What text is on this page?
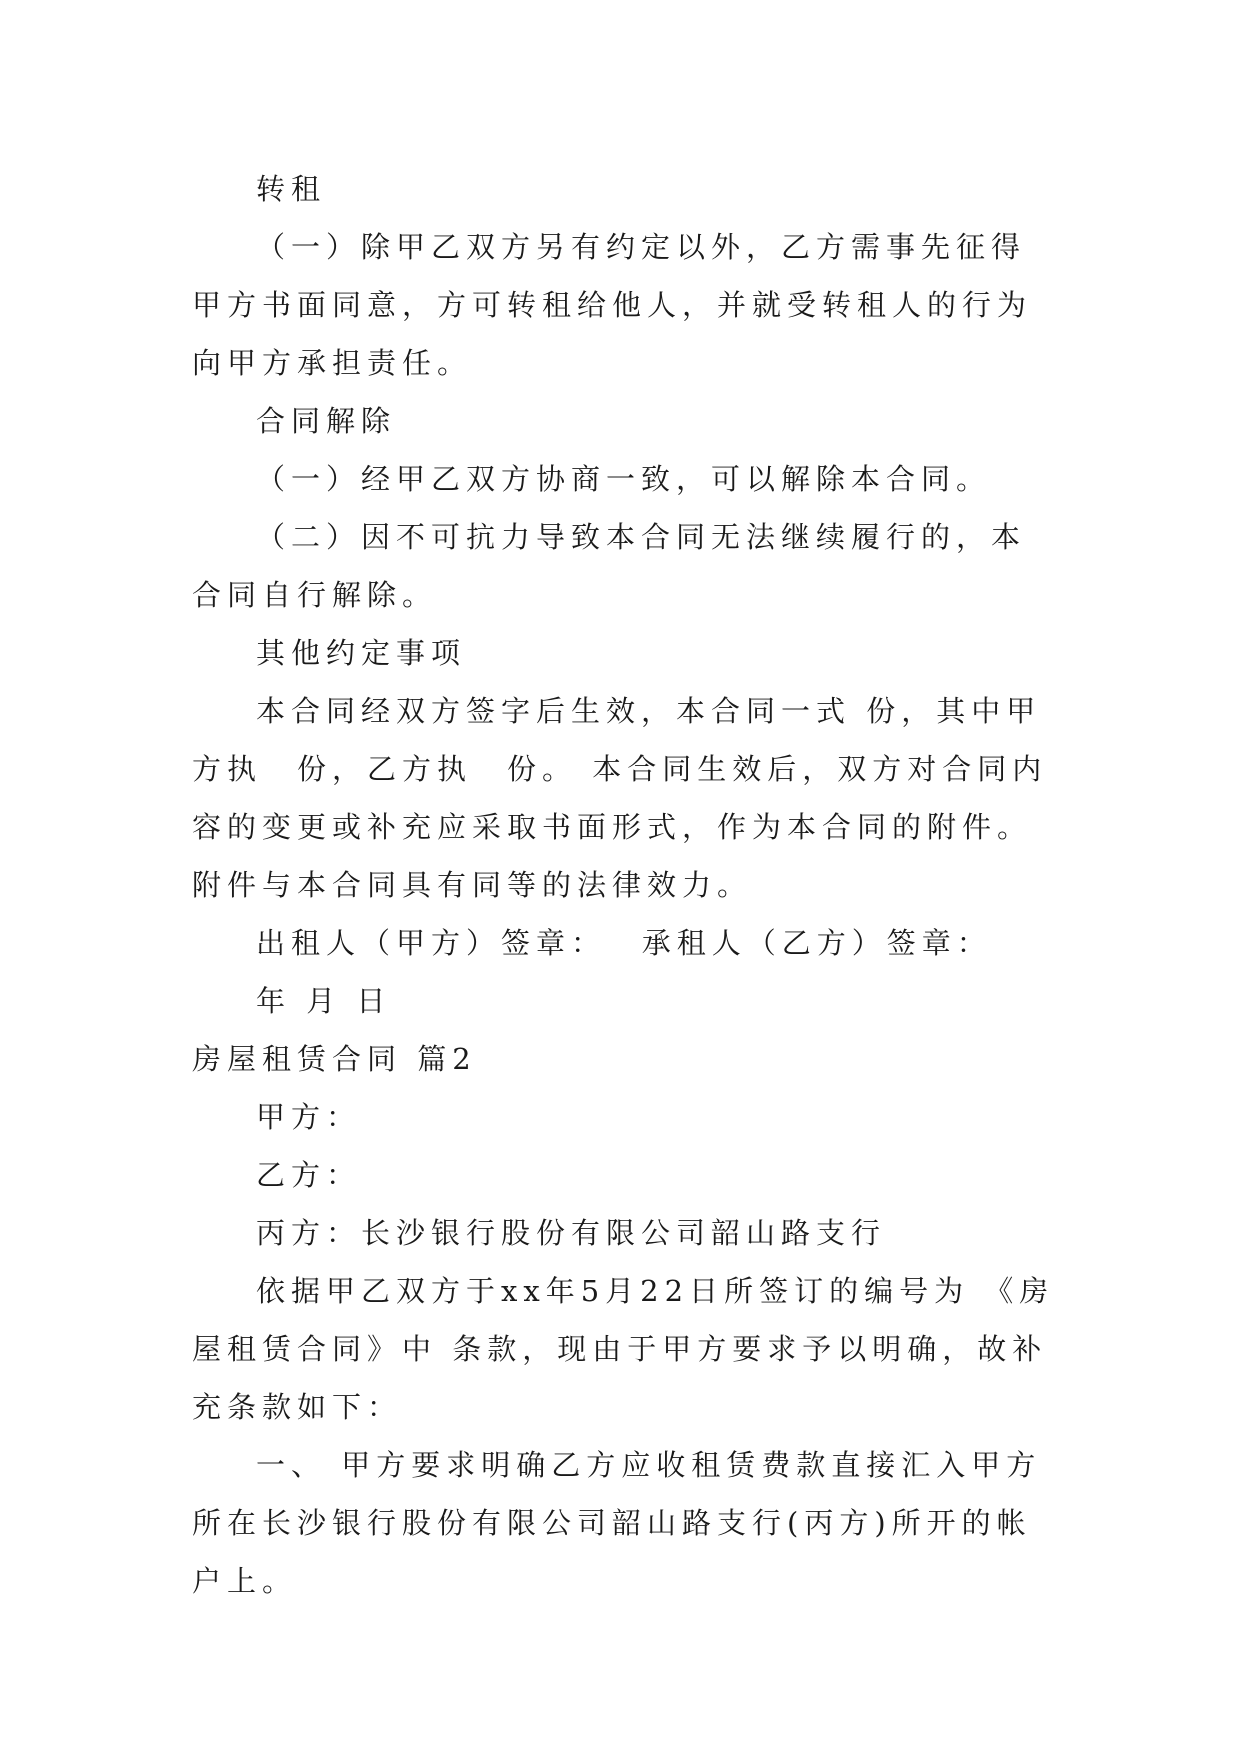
转租

（一）除甲乙双方另有约定以外，乙方需事先征得甲方书面同意，方可转租给他人，并就受转租人的行为向甲方承担责任。

合同解除

（一）经甲乙双方协商一致，可以解除本合同。

（二）因不可抗力导致本合同无法继续履行的，本合同自行解除。

其他约定事项

本合同经双方签字后生效，本合同一式 份，其中甲方执　份，乙方执　份。 本合同生效后，双方对合同内容的变更或补充应采取书面形式，作为本合同的附件。附件与本合同具有同等的法律效力。

出租人（甲方）签章：　 承租人（乙方）签章：

年 月 日

房屋租赁合同 篇2

甲方：

乙方：

丙方：长沙银行股份有限公司韶山路支行

依据甲乙双方于xx年5月22日所签订的编号为 《房屋租赁合同》中 条款，现由于甲方要求予以明确，故补充条款如下：

一、 甲方要求明确乙方应收租赁费款直接汇入甲方所在长沙银行股份有限公司韶山路支行(丙方)所开的帐户上。
